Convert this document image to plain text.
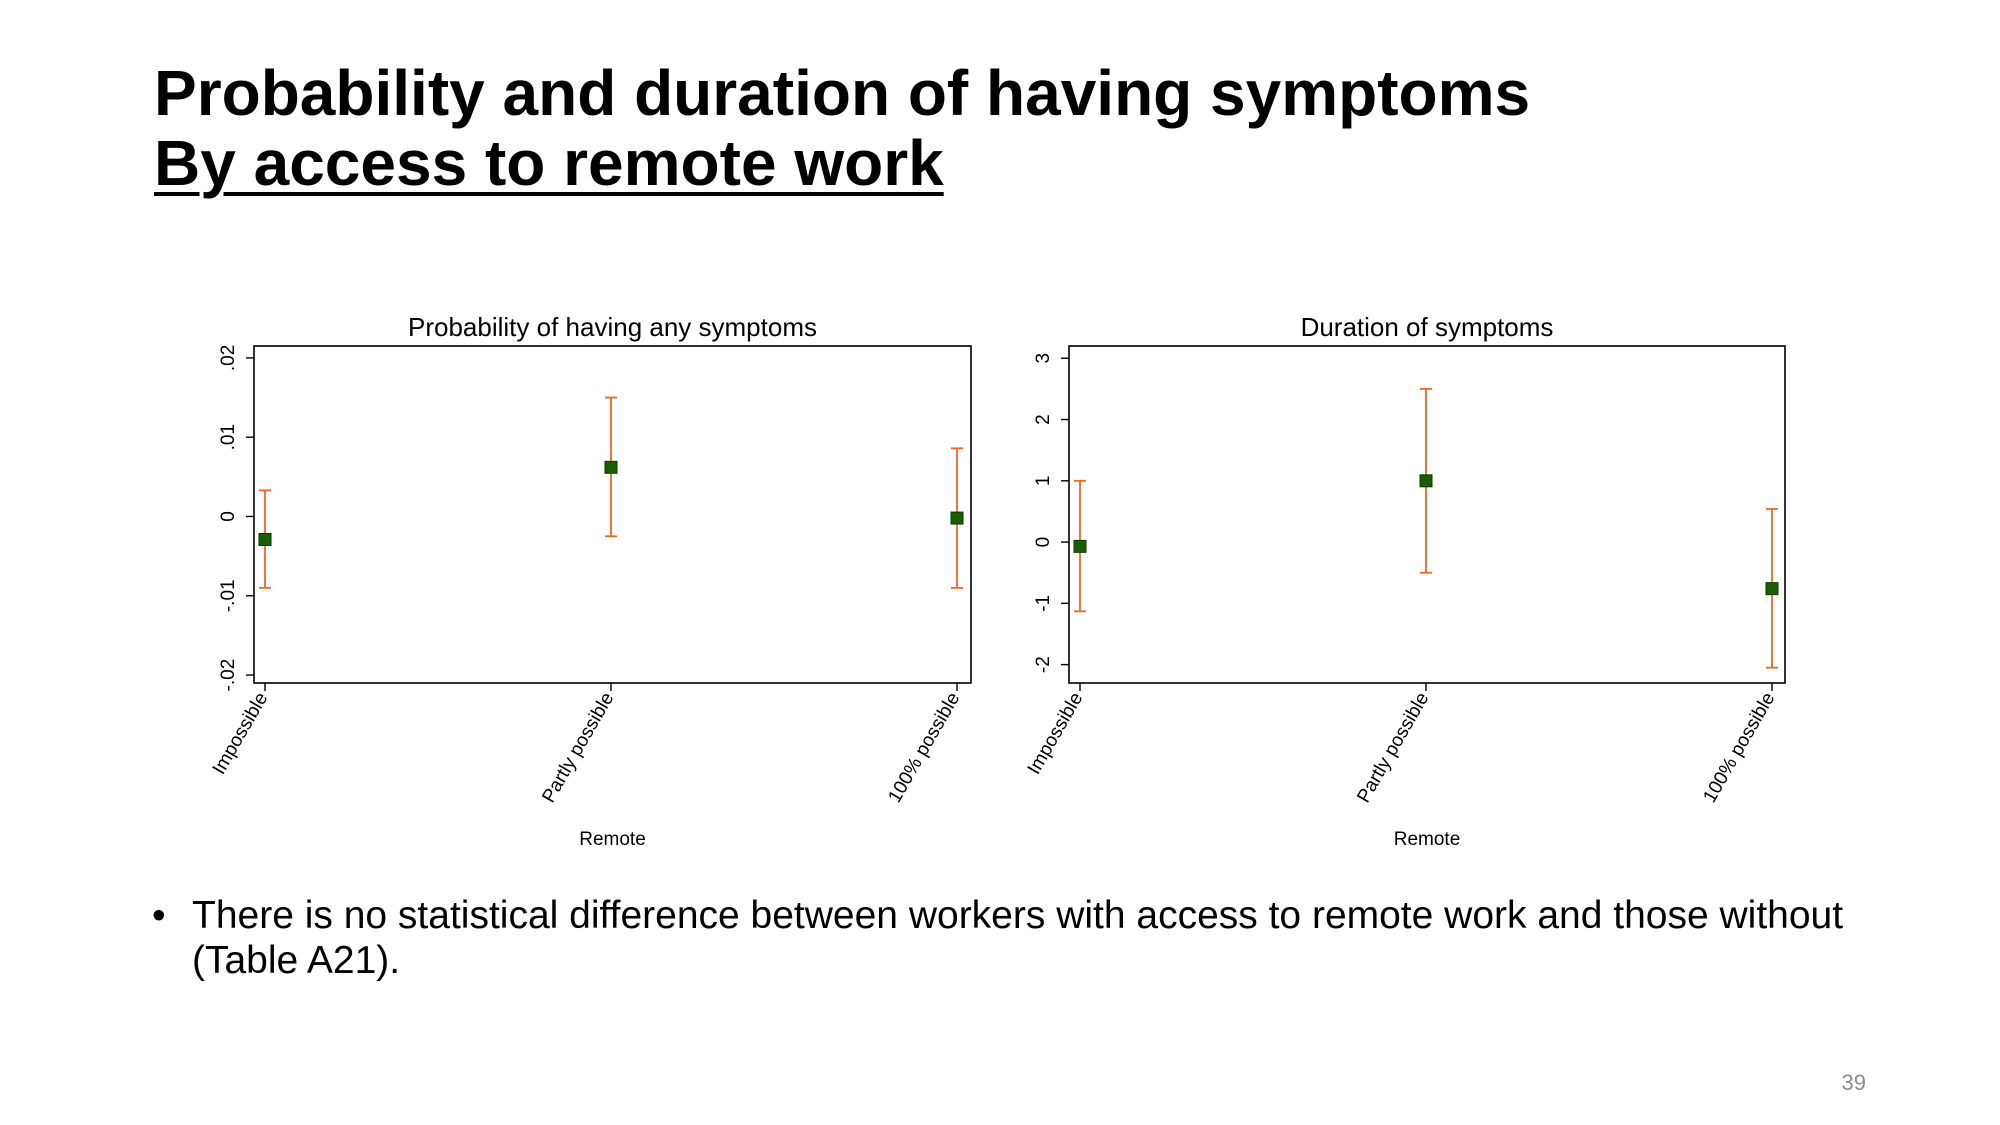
Probability and duration of having symptoms
By access to remote work
Probability of having any symptoms
.02
.01
0
-.01
-.02
Impossible	Partly possible	100% possible
Remote
Duration of symptoms
3
2
1
0
-1
-2
Impossible	Partly possible	100% possible
Remote
• There is no statistical difference between workers with access to remote work and those without (Table A21).
39
